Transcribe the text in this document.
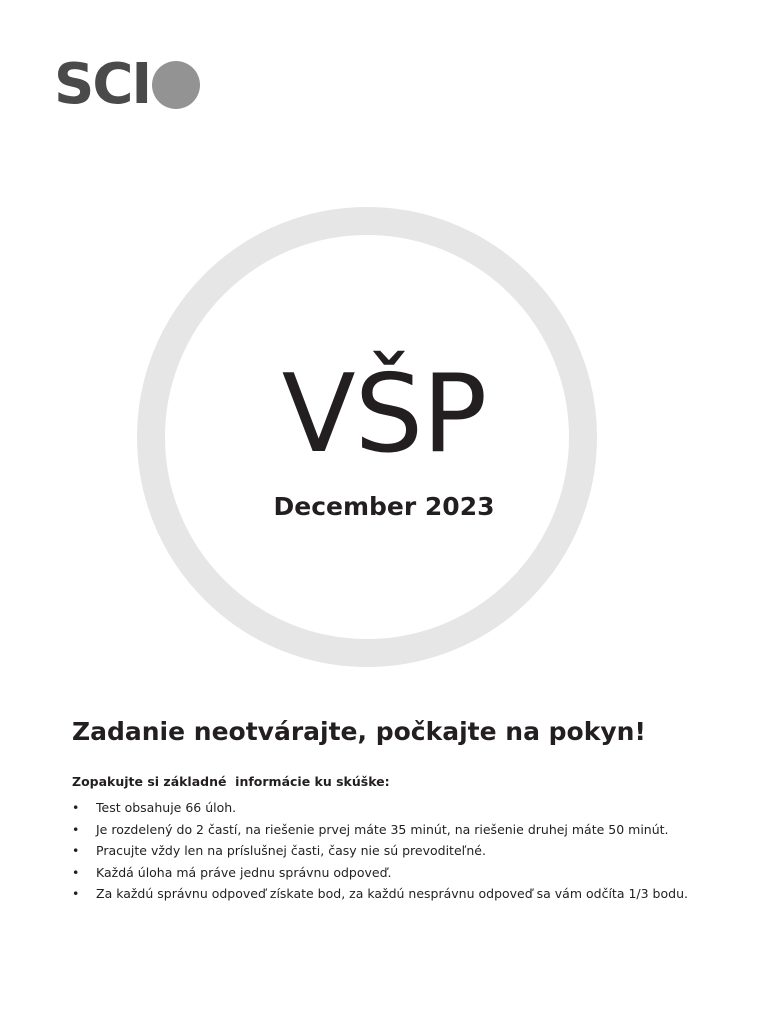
SCI
VŠP
December 2023
Zadanie neotvárajte, počkajte na pokyn!
Zopakujte si základné  informácie ku skúške:
• Test obsahuje 66 úloh.
• Je rozdelený do 2 častí, na riešenie prvej máte 35 minút, na riešenie druhej máte 50 minút.
• Pracujte vždy len na príslušnej časti, časy nie sú prevoditeľné.
• Každá úloha má práve jednu správnu odpoveď.
• Za každú správnu odpoveď získate bod, za každú nesprávnu odpoveď sa vám odčíta 1/3 bodu.
